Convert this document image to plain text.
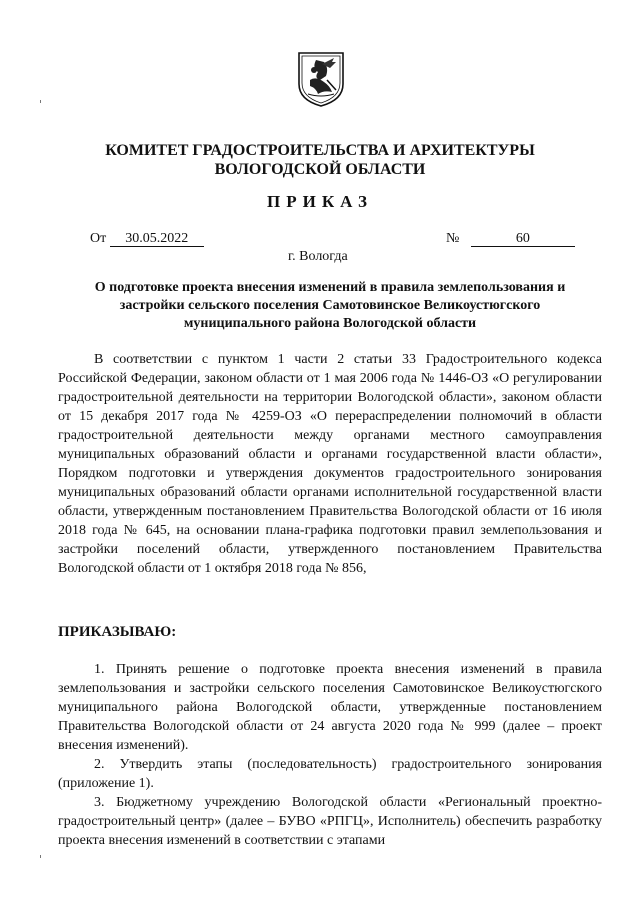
КОМИТЕТ ГРАДОСТРОИТЕЛЬСТВА И АРХИТЕКТУРЫ
ВОЛОГОДСКОЙ ОБЛАСТИ
ПРИКАЗ
От 30.05.2022	№	60
г. Вологда
О подготовке проекта внесения изменений в правила землепользования и
застройки сельского поселения Самотовинское Великоустюгского
муниципального района Вологодской области

В соответствии с пунктом 1 части 2 статьи 33 Градостроительного кодекса Российской Федерации, законом области от 1 мая 2006 года № 1446-ОЗ «О регулировании градостроительной деятельности на территории Вологодской области», законом области от 15 декабря 2017 года № 4259-ОЗ «О перераспределении полномочий в области градостроительной деятельности между органами местного самоуправления муниципальных образований области и органами государственной власти области», Порядком подготовки и утверждения документов градостроительного зонирования муниципальных образований области органами исполнительной государственной власти области, утвержденным постановлением Правительства Вологодской области от 16 июля 2018 года № 645, на основании плана-графика подготовки правил землепользования и застройки поселений области, утвержденного постановлением Правительства Вологодской области от 1 октября 2018 года № 856,

ПРИКАЗЫВАЮ:

1. Принять решение о подготовке проекта внесения изменений в правила землепользования и застройки сельского поселения Самотовинское Великоустюгского муниципального района Вологодской области, утвержденные постановлением Правительства Вологодской области от 24 августа 2020 года № 999 (далее – проект внесения изменений).

2. Утвердить этапы (последовательность) градостроительного зонирования (приложение 1).

3. Бюджетному учреждению Вологодской области «Региональный проектно-градостроительный центр» (далее – БУВО «РПГЦ», Исполнитель) обеспечить разработку проекта внесения изменений в соответствии с этапами
